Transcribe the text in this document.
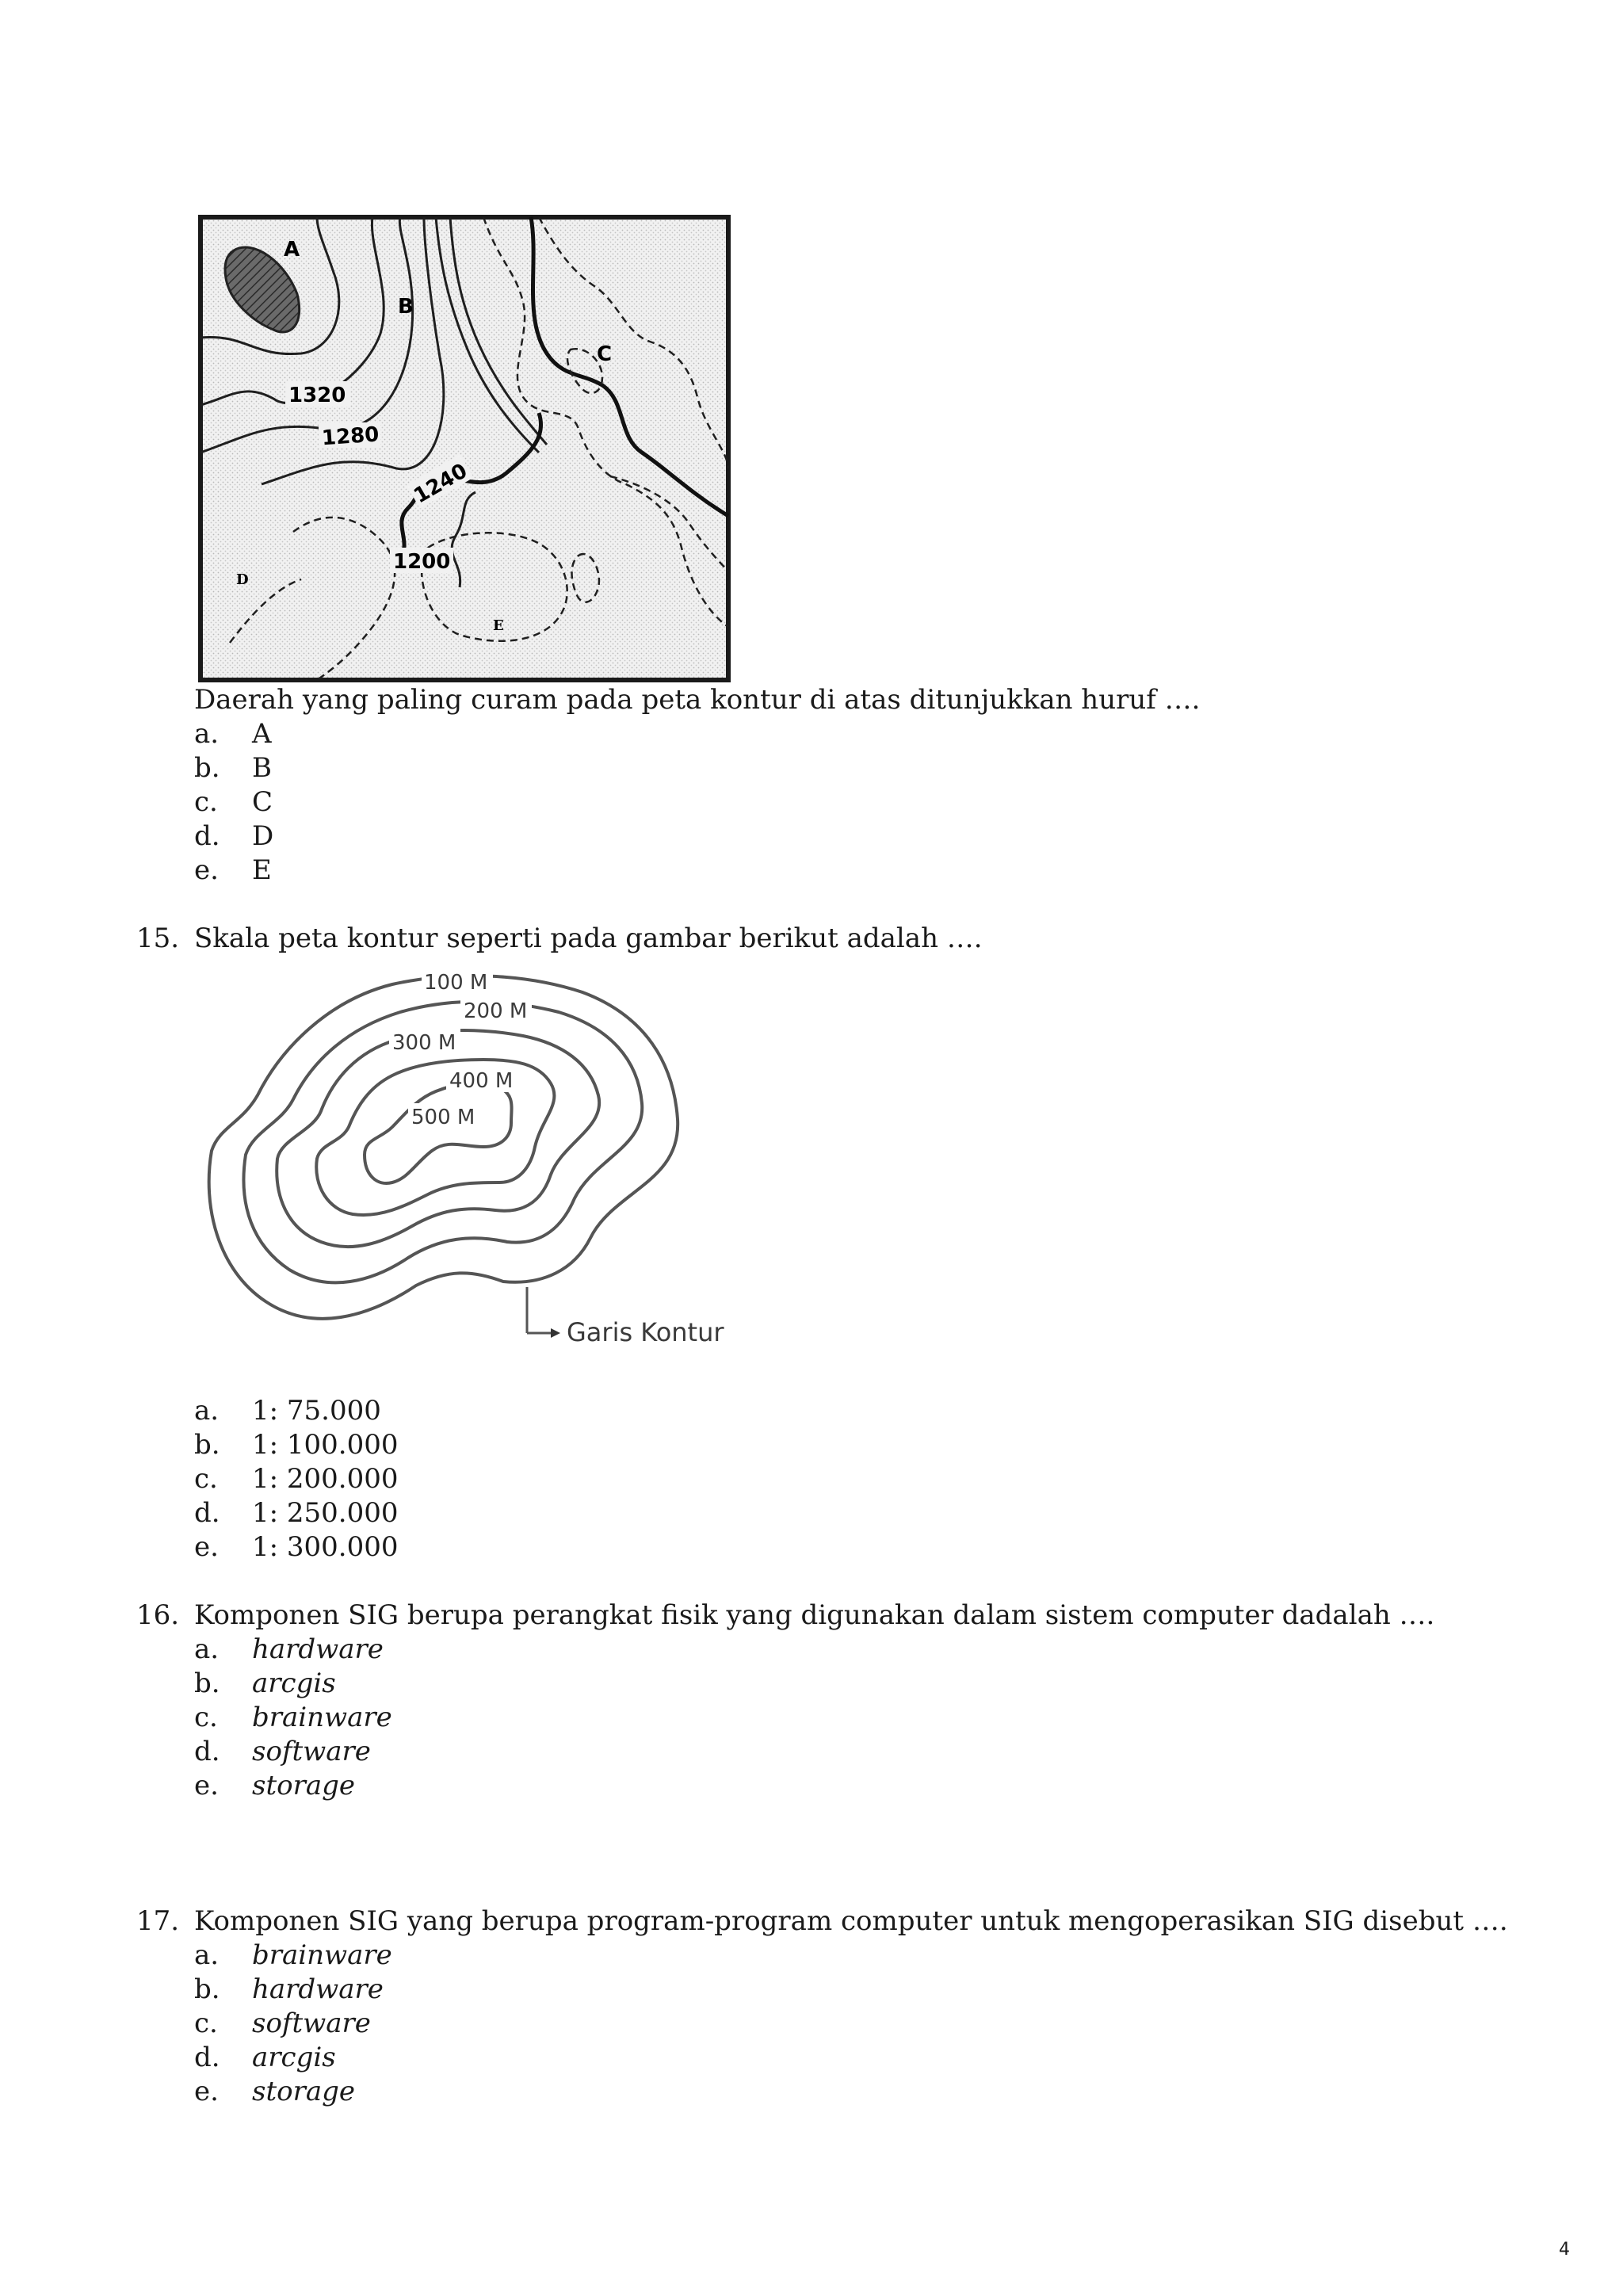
A
B
C
D
E
1320
1280
1240
1200
Daerah yang paling curam pada peta kontur di atas ditunjukkan huruf ….
a. A
b. B
c. C
d. D
e. E
15. Skala peta kontur seperti pada gambar berikut adalah ….
100 M
200 M
300 M
400 M
500 M
Garis Kontur
a. 1: 75.000
b. 1: 100.000
c. 1: 200.000
d. 1: 250.000
e. 1: 300.000
16. Komponen SIG berupa perangkat fisik yang digunakan dalam sistem computer dadalah ….
a. hardware
b. arcgis
c. brainware
d. software
e. storage
17. Komponen SIG yang berupa program-program computer untuk mengoperasikan SIG disebut ….
a. brainware
b. hardware
c. software
d. arcgis
e. storage
4
